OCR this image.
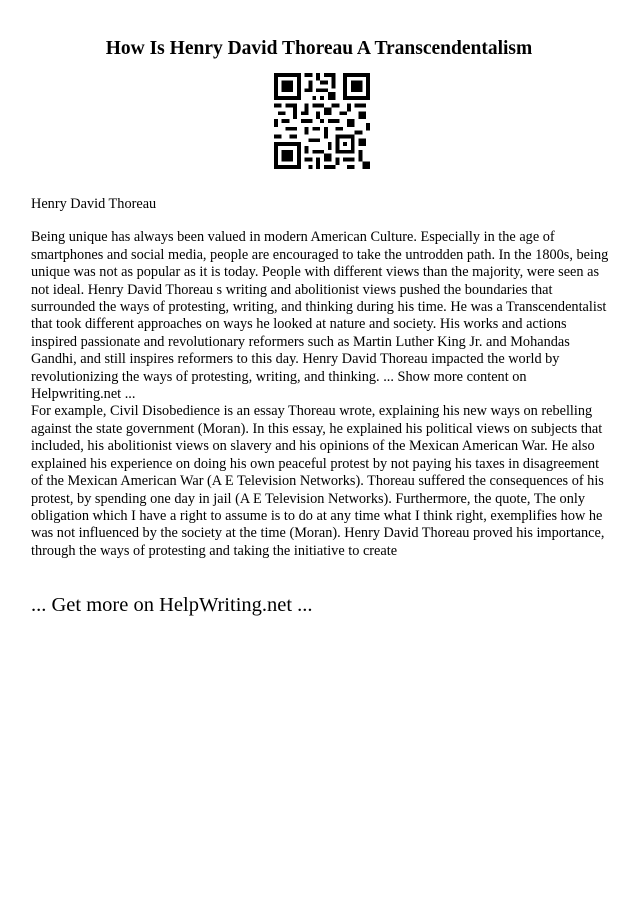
How Is Henry David Thoreau A Transcendentalism

Henry David Thoreau

Being unique has always been valued in modern American Culture. Especially in the age of smartphones and social media, people are encouraged to take the untrodden path. In the 1800s, being unique was not as popular as it is today. People with different views than the majority, were seen as not ideal. Henry David Thoreau s writing and abolitionist views pushed the boundaries that surrounded the ways of protesting, writing, and thinking during his time. He was a Transcendentalist that took different approaches on ways he looked at nature and society. His works and actions inspired passionate and revolutionary reformers such as Martin Luther King Jr. and Mohandas Gandhi, and still inspires reformers to this day. Henry David Thoreau impacted the world by revolutionizing the ways of protesting, writing, and thinking. ... Show more content on Helpwriting.net ...

For example, Civil Disobedience is an essay Thoreau wrote, explaining his new ways on rebelling against the state government (Moran). In this essay, he explained his political views on subjects that included, his abolitionist views on slavery and his opinions of the Mexican American War. He also explained his experience on doing his own peaceful protest by not paying his taxes in disagreement of the Mexican American War (A E Television Networks). Thoreau suffered the consequences of his protest, by spending one day in jail (A E Television Networks). Furthermore, the quote, The only obligation which I have a right to assume is to do at any time what I think right, exemplifies how he was not influenced by the society at the time (Moran). Henry David Thoreau proved his importance, through the ways of protesting and taking the initiative to create

... Get more on HelpWriting.net ...
